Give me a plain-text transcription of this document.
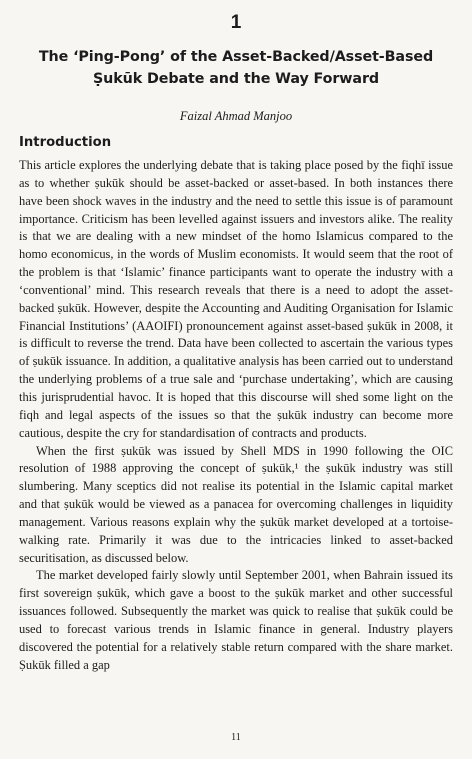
1
The ‘Ping-Pong’ of the Asset-Backed/Asset-Based
Ṣukūk Debate and the Way Forward
Faizal Ahmad Manjoo
Introduction

This article explores the underlying debate that is taking place posed by the fiqhī issue as to whether ṣukūk should be asset-backed or asset-based. In both instances there have been shock waves in the industry and the need to settle this issue is of paramount importance. Criticism has been levelled against issuers and investors alike. The reality is that we are dealing with a new mindset of the homo Islamicus compared to the homo economicus, in the words of Muslim economists. It would seem that the root of the problem is that ‘Islamic’ finance participants want to operate the industry with a ‘conventional’ mind. This research reveals that there is a need to adopt the asset-backed ṣukūk. However, despite the Accounting and Auditing Organisation for Islamic Financial Institutions’ (AAOIFI) pronouncement against asset-based ṣukūk in 2008, it is difficult to reverse the trend. Data have been collected to ascertain the various types of ṣukūk issuance. In addition, a qualitative analysis has been carried out to understand the underlying problems of a true sale and ‘purchase undertaking’, which are causing this jurisprudential havoc. It is hoped that this discourse will shed some light on the fiqh and legal aspects of the issues so that the ṣukūk industry can become more cautious, despite the cry for standardisation of contracts and products.

When the first ṣukūk was issued by Shell MDS in 1990 following the OIC resolution of 1988 approving the concept of ṣukūk,¹ the ṣukūk industry was still slumbering. Many sceptics did not realise its potential in the Islamic capital market and that ṣukūk would be viewed as a panacea for overcoming challenges in liquidity management. Various reasons explain why the ṣukūk market developed at a tortoise-walking rate. Primarily it was due to the intricacies linked to asset-backed securitisation, as discussed below.

The market developed fairly slowly until September 2001, when Bahrain issued its first sovereign ṣukūk, which gave a boost to the ṣukūk market and other successful issuances followed. Subsequently the market was quick to realise that ṣukūk could be used to forecast various trends in Islamic finance in general. Industry players discovered the potential for a relatively stable return compared with the share market. Ṣukūk filled a gap

11
